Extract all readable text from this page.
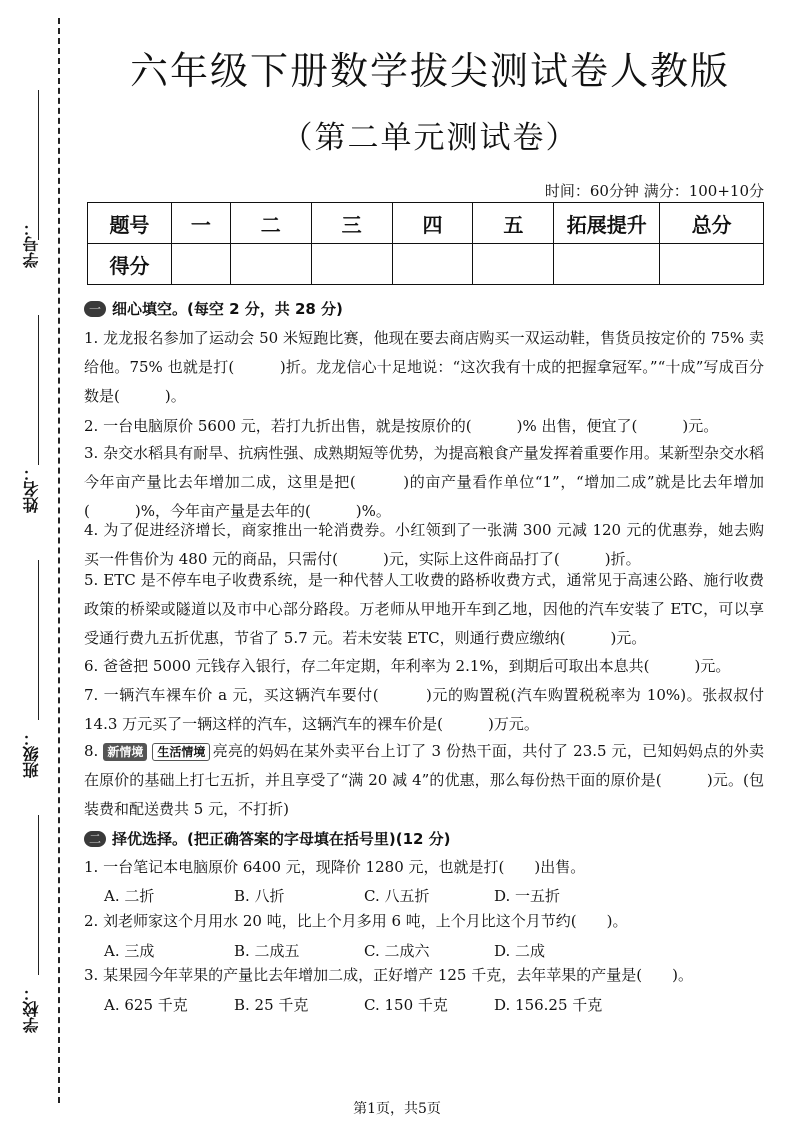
学号：
姓名：
班级：
学校：
六年级下册数学拔尖测试卷人教版
（第二单元测试卷）
时间：60分钟 满分：100+10分
题号	一	二	三	四	五	拓展提升	总分
得分							
一 细心填空。(每空 2 分，共 28 分)
1. 龙龙报名参加了运动会 50 米短跑比赛，他现在要去商店购买一双运动鞋，售货员按定价的 75% 卖给他。75% 也就是打(　　　)折。龙龙信心十足地说：“这次我有十成的把握拿冠军。”“十成”写成百分数是(　　　)。
2. 一台电脑原价 5600 元，若打九折出售，就是按原价的(　　　)% 出售，便宜了(　　　)元。
3. 杂交水稻具有耐旱、抗病性强、成熟期短等优势，为提高粮食产量发挥着重要作用。某新型杂交水稻今年亩产量比去年增加二成，这里是把(　　　)的亩产量看作单位“1”，“增加二成”就是比去年增加(　　　)%，今年亩产量是去年的(　　　)%。
4. 为了促进经济增长，商家推出一轮消费券。小红领到了一张满 300 元减 120 元的优惠券，她去购买一件售价为 480 元的商品，只需付(　　　)元，实际上这件商品打了(　　　)折。
5. ETC 是不停车电子收费系统，是一种代替人工收费的路桥收费方式，通常见于高速公路、施行收费政策的桥梁或隧道以及市中心部分路段。万老师从甲地开车到乙地，因他的汽车安装了 ETC，可以享受通行费九五折优惠，节省了 5.7 元。若未安装 ETC，则通行费应缴纳(　　　)元。
6. 爸爸把 5000 元钱存入银行，存二年定期，年利率为 2.1%，到期后可取出本息共(　　　)元。
7. 一辆汽车裸车价 a 元，买这辆汽车要付(　　　)元的购置税(汽车购置税税率为 10%)。张叔叔付 14.3 万元买了一辆这样的汽车，这辆汽车的裸车价是(　　　)万元。
8. 新情境 生活情境 亮亮的妈妈在某外卖平台上订了 3 份热干面，共付了 23.5 元，已知妈妈点的外卖在原价的基础上打七五折，并且享受了“满 20 减 4”的优惠，那么每份热干面的原价是(　　　)元。(包装费和配送费共 5 元，不打折)
二 择优选择。(把正确答案的字母填在括号里)(12 分)
1. 一台笔记本电脑原价 6400 元，现降价 1280 元，也就是打(　　)出售。
A. 二折	B. 八折	C. 八五折	D. 一五折
2. 刘老师家这个月用水 20 吨，比上个月多用 6 吨，上个月比这个月节约(　　)。
A. 三成	B. 二成五	C. 二成六	D. 二成
3. 某果园今年苹果的产量比去年增加二成，正好增产 125 千克，去年苹果的产量是(　　)。
A. 625 千克	B. 25 千克	C. 150 千克	D. 156.25 千克
第1页，共5页
